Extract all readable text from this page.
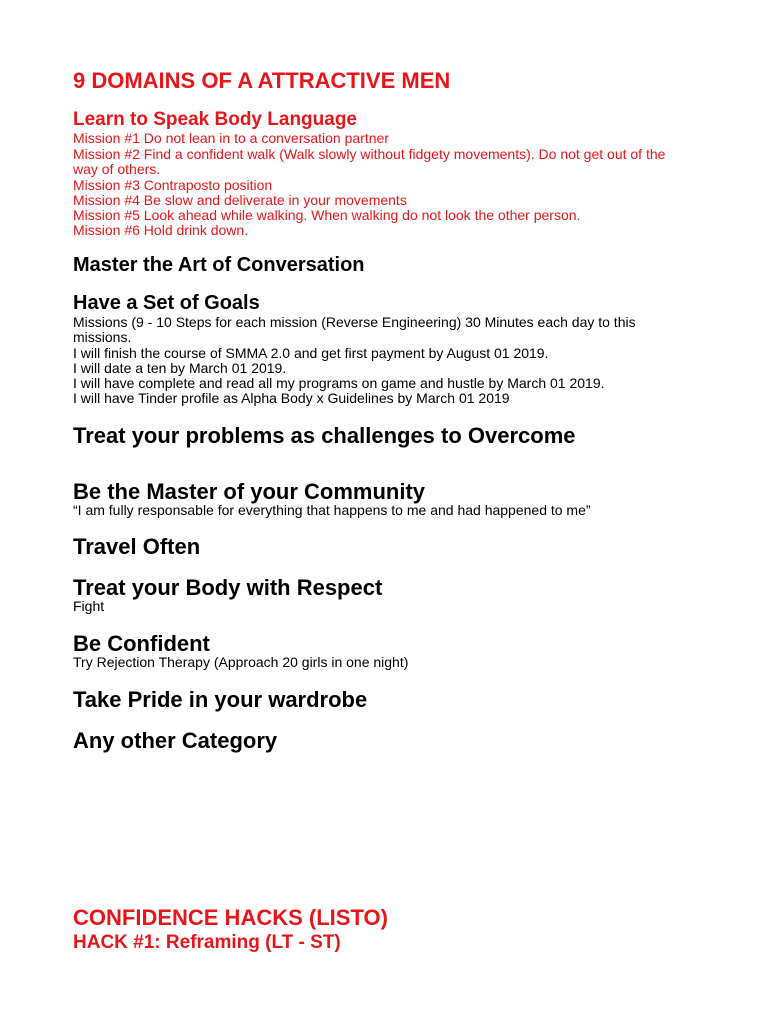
9 DOMAINS OF A ATTRACTIVE MEN
Learn to Speak Body Language
Mission #1 Do not lean in to a conversation partner
Mission #2 Find a confident walk (Walk slowly without fidgety movements). Do not get out of the way of others.
Mission #3 Contraposto position
Mission #4 Be slow and deliverate in your movements
Mission #5 Look ahead while walking. When walking do not look the other person.
Mission #6 Hold drink down.
Master the Art of Conversation
Have a Set of Goals
Missions (9 - 10 Steps for each mission (Reverse Engineering) 30 Minutes each day to this missions.
I will finish the course of SMMA 2.0 and get first payment by August 01 2019.
I will date a ten by March 01 2019.
I will have complete and read all my programs on game and hustle by March 01 2019.
I will have Tinder profile as Alpha Body x Guidelines by March 01 2019
Treat your problems as challenges to Overcome
Be the Master of your Community
“I am fully responsable for everything that happens to me and had happened to me”
Travel Often
Treat your Body with Respect
Fight
Be Confident
Try Rejection Therapy (Approach 20 girls in one night)
Take Pride in your wardrobe
Any other Category
CONFIDENCE HACKS (LISTO)
HACK #1: Reframing (LT - ST)
